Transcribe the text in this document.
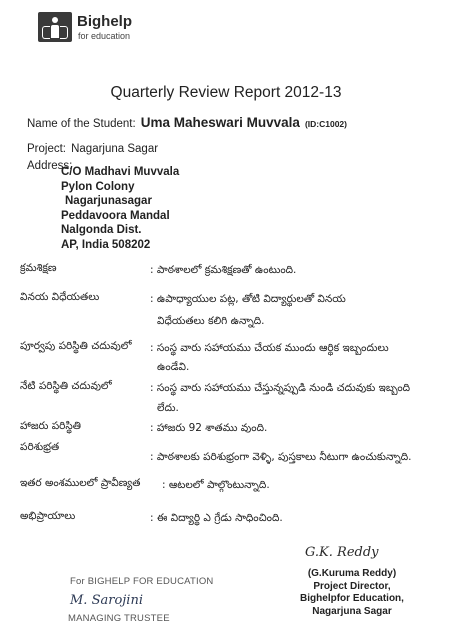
Bighelp
for education
Quarterly Review Report 2012-13
Name of the Student: Uma Maheswari Muvvala (ID:C1002)
Project: Nagarjuna Sagar
Address:
C/O Madhavi Muvvala
Pylon Colony
Nagarjunasagar
Peddavoora Mandal
Nalgonda Dist.
AP, India 508202
క్రమశిక్షణ	: పాఠశాలలో క్రమశిక్షణతో ఉంటుంది.
వినయ విధేయతలు	: ఉపాధ్యాయుల పట్ల, తోటి విద్యార్థులతో వినయ
విధేయతలు కలిగి ఉన్నాది.
పూర్వపు పరిస్థితి చదువులో : సంస్థ వారు సహాయము చేయక ముందు ఆర్థిక ఇబ్బందులు
ఉండేవి.
నేటి పరిస్థితి చదువులో	: సంస్థ వారు సహాయము చేస్తున్నప్పుడి నుండి చదువుకు ఇబ్బంది
లేదు.
హాజరు పరిస్థితి	: హాజరు 92 శాతము వుంది.
పరిశుభ్రత
: పాఠశాలకు పరిశుభ్రంగా వెళ్ళి, పుస్తకాలు నీటుగా ఉంచుకున్నాది.
ఇతర అంశములలో ప్రావీణ్యత : ఆటలలో పాల్గొంటున్నాది.
అభిప్రాయాలు	: ఈ విద్యార్థి ఎ గ్రేడు సాధించింది.
For BIGHELP FOR EDUCATION
M. Sarojini
MANAGING TRUSTEE
G.K. Reddy
(G.Kuruma Reddy)
Project Director,
Bighelpfor Education,
Nagarjuna Sagar
